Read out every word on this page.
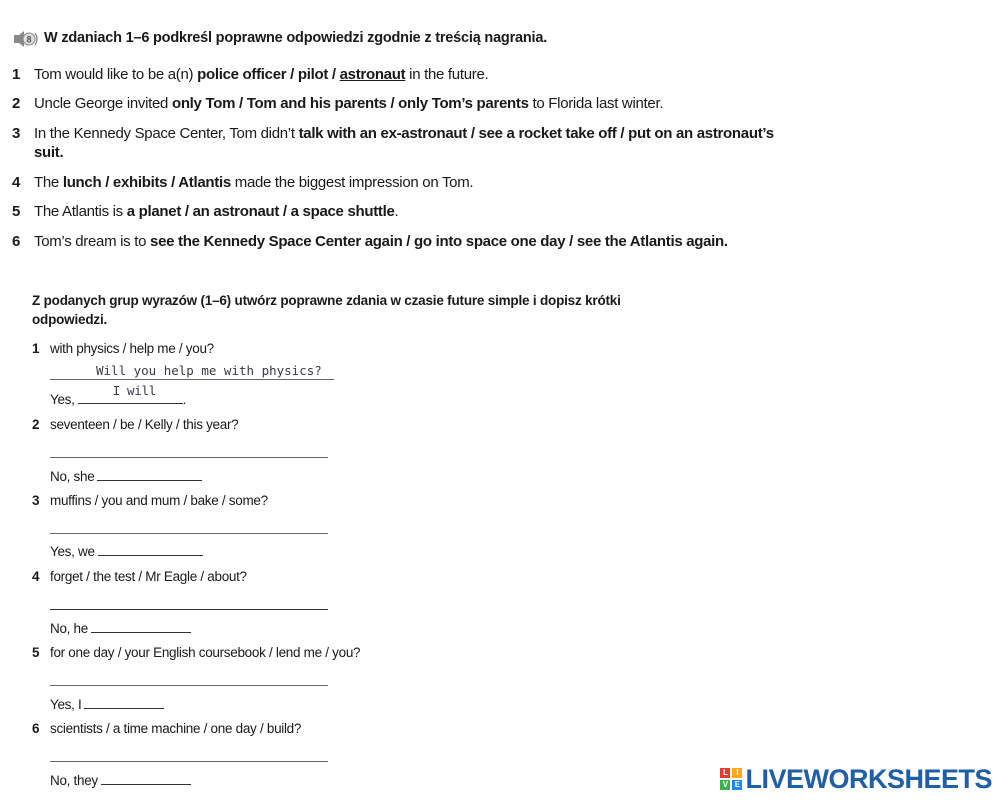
8 W zdaniach 1–6 podkreśl poprawne odpowiedzi zgodnie z treścią nagrania.
1 Tom would like to be a(n) police officer / pilot / astronaut in the future.
2 Uncle George invited only Tom / Tom and his parents / only Tom’s parents to Florida last winter.
3 In the Kennedy Space Center, Tom didn’t talk with an ex-astronaut / see a rocket take off / put on an astronaut’s suit.
4 The lunch / exhibits / Atlantis made the biggest impression on Tom.
5 The Atlantis is a planet / an astronaut / a space shuttle.
6 Tom’s dream is to see the Kennedy Space Center again / go into space one day / see the Atlantis again.
Z podanych grup wyrazów (1–6) utwórz poprawne zdania w czasie future simple i dopisz krótki odpowiedzi.
1 with physics / help me / you?
Will you help me with physics?
Yes,
I will
.
2 seventeen / be / Kelly / this year?
No, she
3 muffins / you and mum / bake / some?
Yes, we
4 forget / the test / Mr Eagle / about?
No, he
5 for one day / your English coursebook / lend me / you?
Yes, I
6 scientists / a time machine / one day / build?
No, they
L	I
V E LIVEWORKSHEETS
